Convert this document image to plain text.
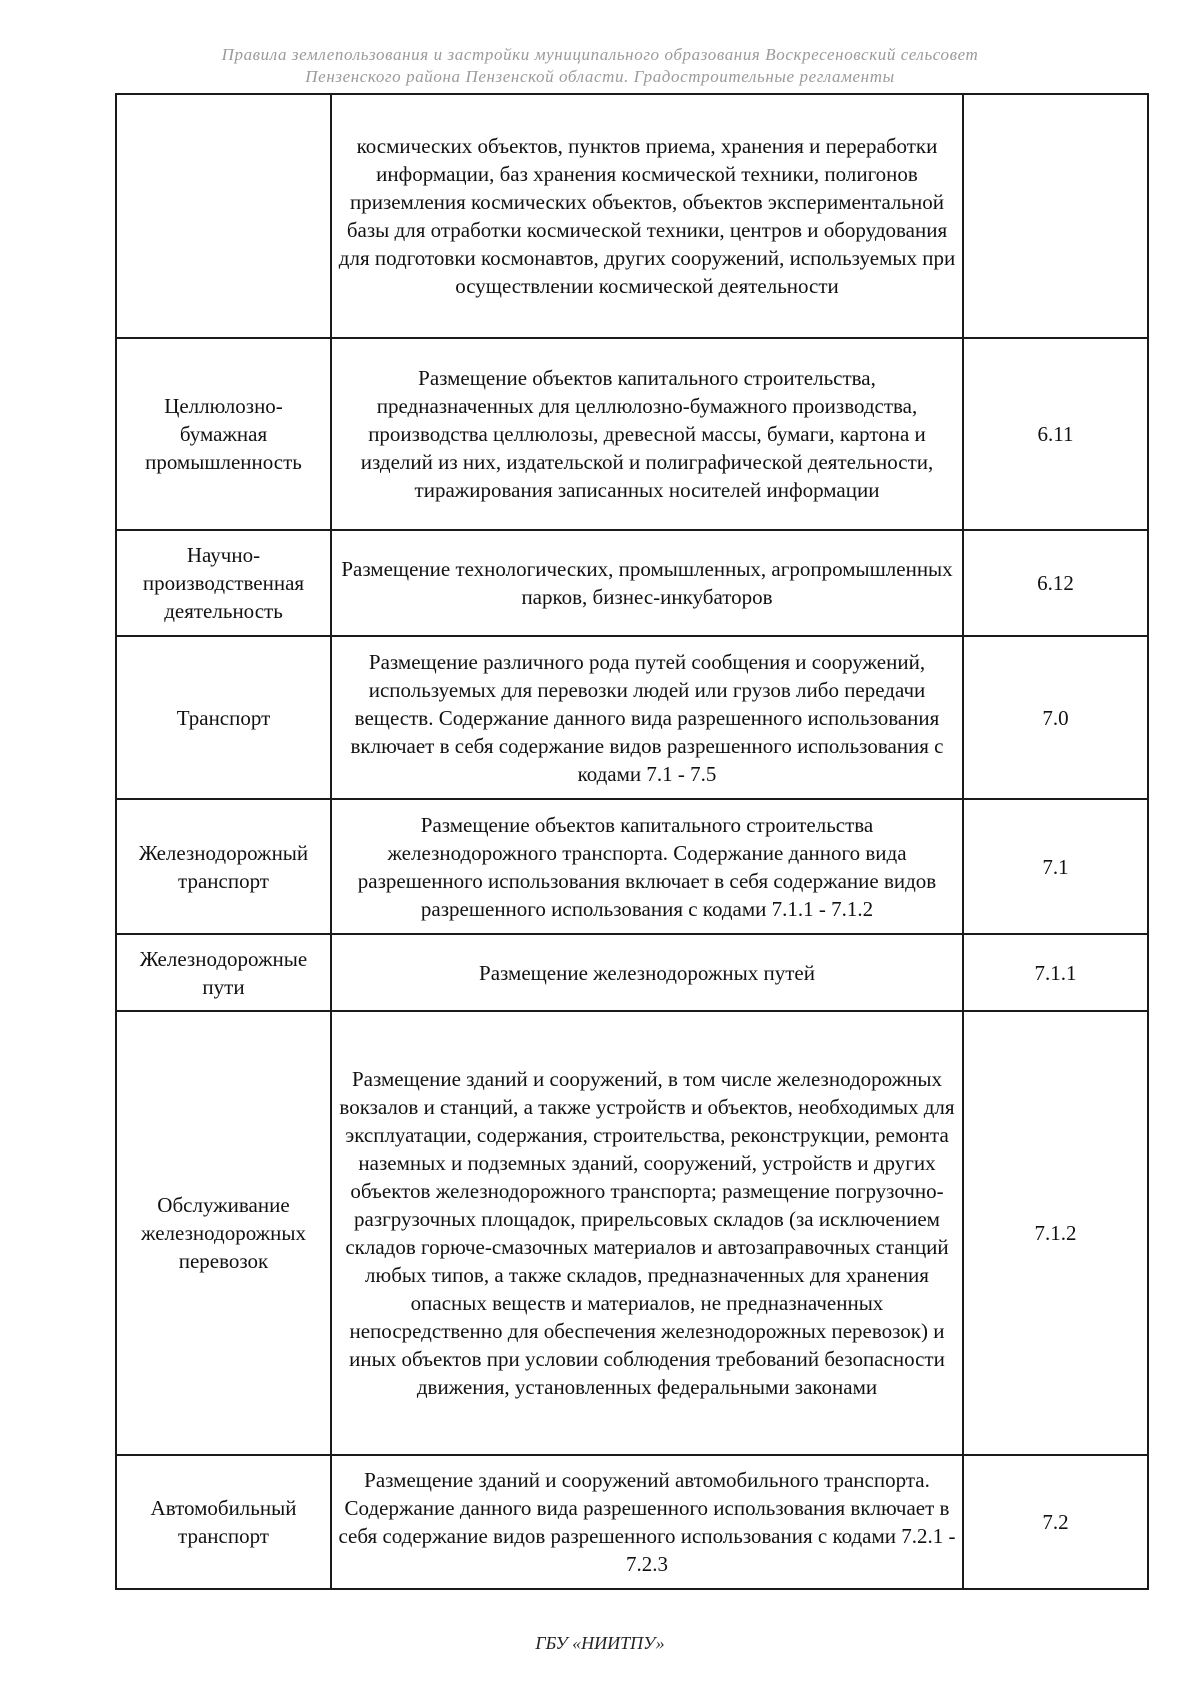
Правила землепользования и застройки муниципального образования Воскресеновский сельсовет
Пензенского района Пензенской области. Градостроительные регламенты
	космических объектов, пунктов приема, хранения и переработки информации, баз хранения космической техники, полигонов приземления космических объектов, объектов экспериментальной базы для отработки космической техники, центров и оборудования для подготовки космонавтов, других сооружений, используемых при осуществлении космической деятельности	
Целлюлозно-бумажная промышленность	Размещение объектов капитального строительства, предназначенных для целлюлозно-бумажного производства, производства целлюлозы, древесной массы, бумаги, картона и изделий из них, издательской и полиграфической деятельности, тиражирования записанных носителей информации	6.11
Научно-производственная деятельность	Размещение технологических, промышленных, агропромышленных парков, бизнес-инкубаторов	6.12
Транспорт	Размещение различного рода путей сообщения и сооружений, используемых для перевозки людей или грузов либо передачи веществ. Содержание данного вида разрешенного использования включает в себя содержание видов разрешенного использования с кодами 7.1 - 7.5	7.0
Железнодорожный транспорт	Размещение объектов капитального строительства железнодорожного транспорта. Содержание данного вида разрешенного использования включает в себя содержание видов разрешенного использования с кодами 7.1.1 - 7.1.2	7.1
Железнодорожные пути	Размещение железнодорожных путей	7.1.1
Обслуживание железнодорожных перевозок	Размещение зданий и сооружений, в том числе железнодорожных вокзалов и станций, а также устройств и объектов, необходимых для эксплуатации, содержания, строительства, реконструкции, ремонта наземных и подземных зданий, сооружений, устройств и других объектов железнодорожного транспорта; размещение погрузочно-разгрузочных площадок, прирельсовых складов (за исключением складов горюче-смазочных материалов и автозаправочных станций любых типов, а также складов, предназначенных для хранения опасных веществ и материалов, не предназначенных непосредственно для обеспечения железнодорожных перевозок) и иных объектов при условии соблюдения требований безопасности движения, установленных федеральными законами	7.1.2
Автомобильный транспорт	Размещение зданий и сооружений автомобильного транспорта. Содержание данного вида разрешенного использования включает в себя содержание видов разрешенного использования с кодами 7.2.1 - 7.2.3	7.2
ГБУ «НИИТПУ»
